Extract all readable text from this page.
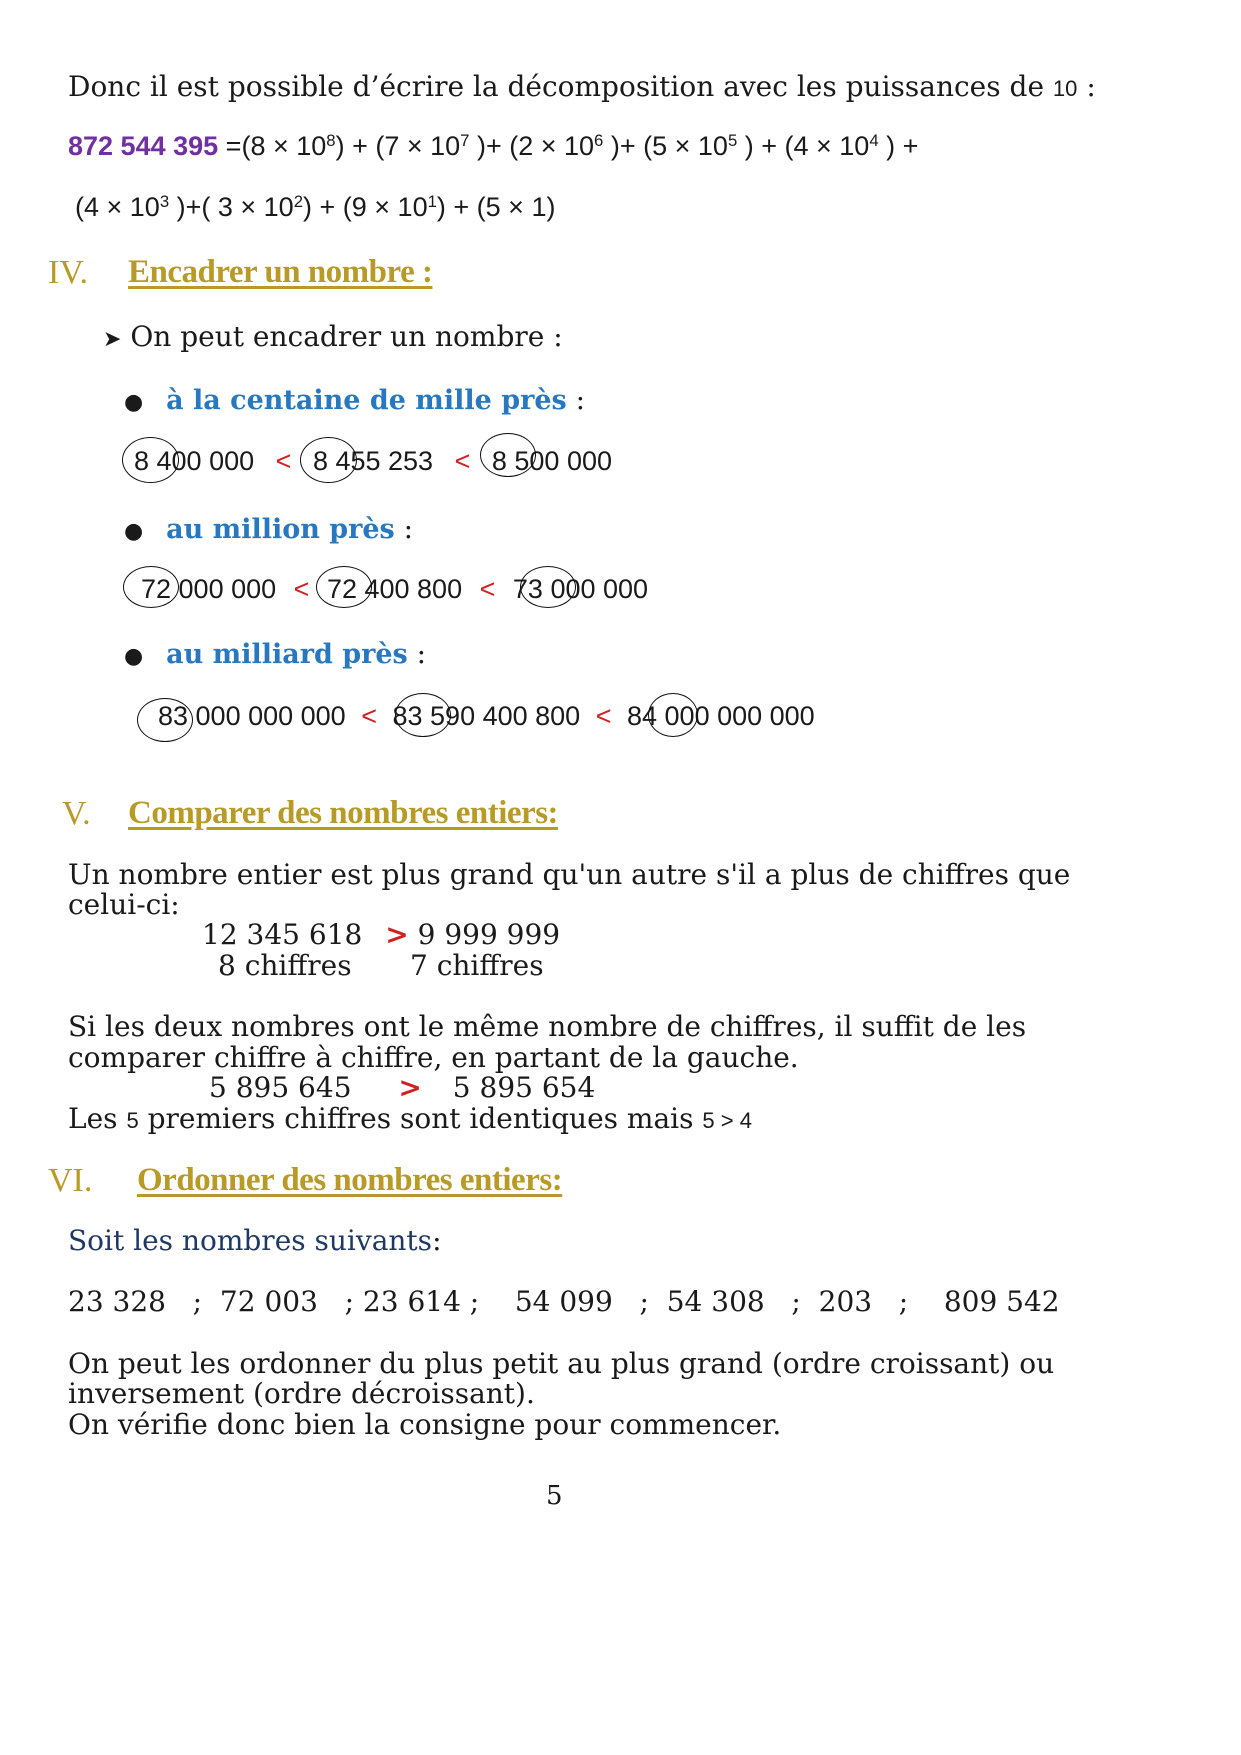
Donc il est possible d’écrire la décomposition avec les puissances de 10 :
872 544 $395 =(8 \times 10^8) + (7 \times 10^7$ )+ ($2 \times 10^6$ )+ ($5 \times 10^5$ ) + ($4 \times 10^4$ ) +
($4 \times 10^3$ )+( $3 \times 10^2) + (9 \times 10^1) + (5 \times 1)$
IV. Encadrer un nombre :
➤ On peut encadrer un nombre :
● à la centaine de mille près :
8 400 000 < 8 455 253 < 8 500 000
● au million près :
72 000 000 < 72 400 800 < 73 000 000
● au milliard près :
83 000 000 000 < 83 590 400 800 < 84 000 000 000
V. Comparer des nombres entiers:
Un nombre entier est plus grand qu'un autre s'il a plus de chiffres que
celui-ci:
12 345 618 > 9 999 999
8 chiffres 7 chiffres
Si les deux nombres ont le même nombre de chiffres, il suffit de les
comparer chiffre à chiffre, en partant de la gauche.
5 895 645 > 5 895 654
Les 5 premiers chiffres sont identiques mais 5 > 4
VI. Ordonner des nombres entiers:
Soit les nombres suivants:
23 328   ;  72 003   ; 23 614 ;    54 099   ;  54 308   ;  203   ;    809 542
On peut les ordonner du plus petit au plus grand (ordre croissant) ou
inversement (ordre décroissant).
On vérifie donc bien la consigne pour commencer.
5
